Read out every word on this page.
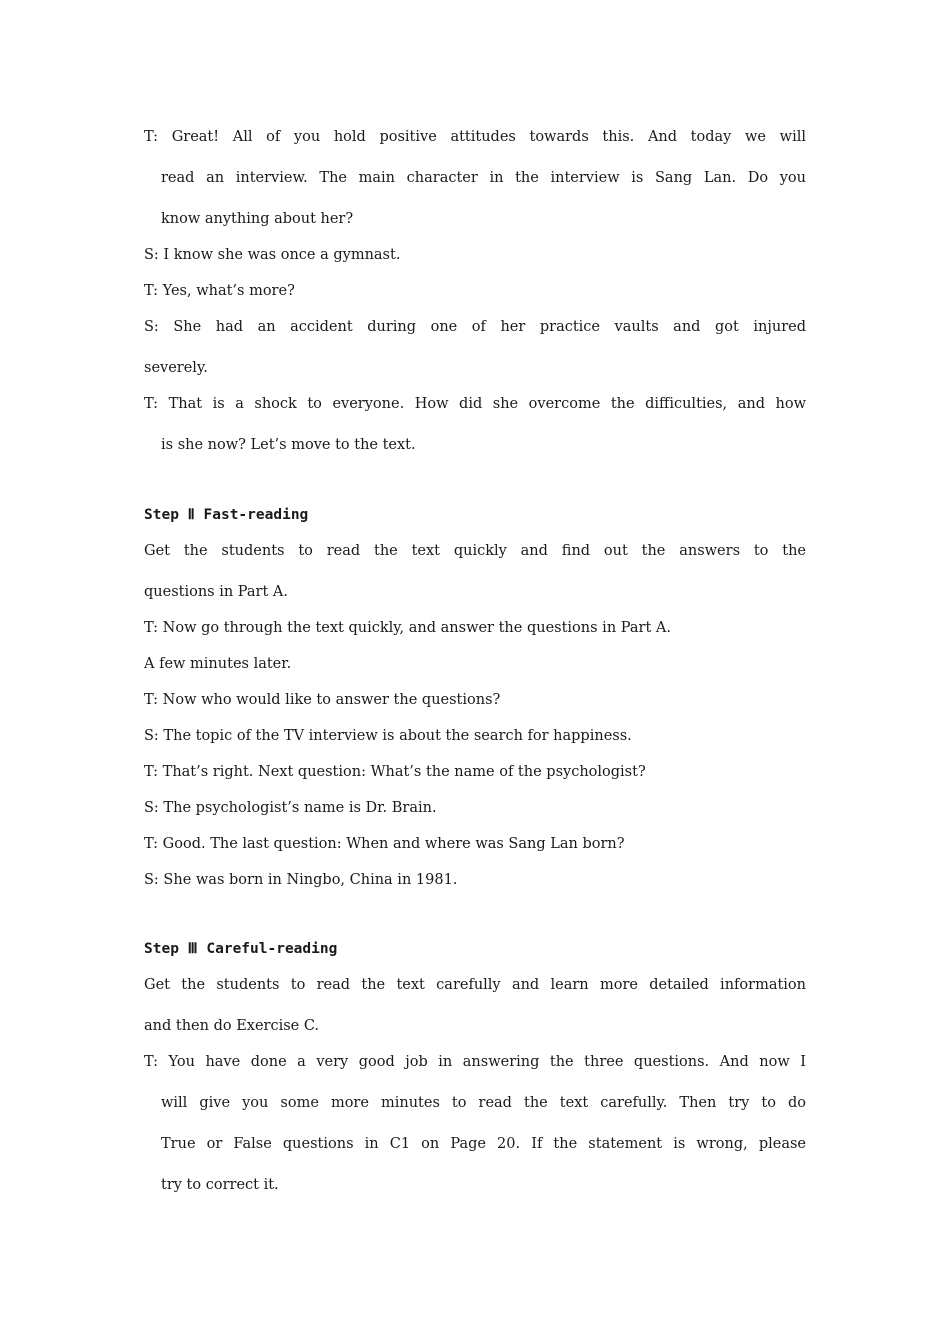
T: Great! All of you hold positive attitudes towards this. And today we will
read an interview. The main character in the interview is Sang Lan. Do you
know anything about her?
S: I know she was once a gymnast.
T: Yes, what’s more?
S: She had an accident during one of her practice vaults and got injured
severely.
T: That is a shock to everyone. How did she overcome the difficulties, and how
is she now? Let’s move to the text.
Step Ⅱ Fast-reading
Get the students to read the text quickly and find out the answers to the
questions in Part A.
T: Now go through the text quickly, and answer the questions in Part A.
A few minutes later.
T: Now who would like to answer the questions?
S: The topic of the TV interview is about the search for happiness.
T: That’s right. Next question: What’s the name of the psychologist?
S: The psychologist’s name is Dr. Brain.
T: Good. The last question: When and where was Sang Lan born?
S: She was born in Ningbo, China in 1981.
Step Ⅲ Careful-reading
Get the students to read the text carefully and learn more detailed information
and then do Exercise C.
T: You have done a very good job in answering the three questions. And now I
will give you some more minutes to read the text carefully. Then try to do
True or False questions in C1 on Page 20. If the statement is wrong, please
try to correct it.
